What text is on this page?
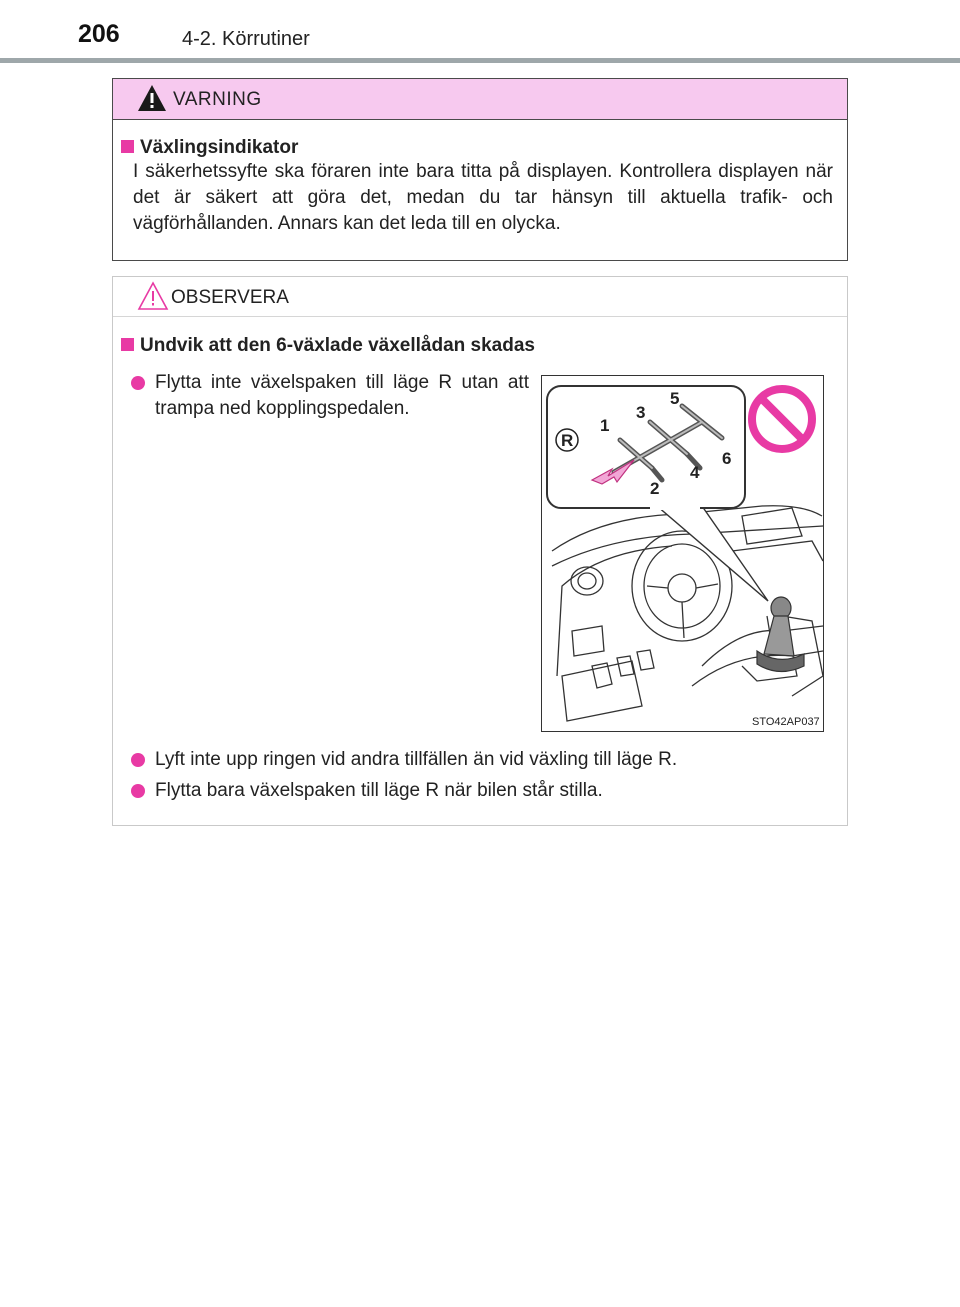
206	4-2. Körrutiner
VARNING
Växlingsindikator
I säkerhetssyfte ska föraren inte bara titta på displayen. Kontrollera displayen när det är säkert att göra det, medan du tar hänsyn till aktuella trafik- och vägförhållanden. Annars kan det leda till en olycka.
OBSERVERA
Undvik att den 6-växlade växellådan skadas
Flytta inte växelspaken till läge R utan att trampa ned kopplingspedalen.
Lyft inte upp ringen vid andra tillfällen än vid växling till läge R.
Flytta bara växelspaken till läge R när bilen står stilla.
R
1
2
3
4
5
6
STO42AP037
